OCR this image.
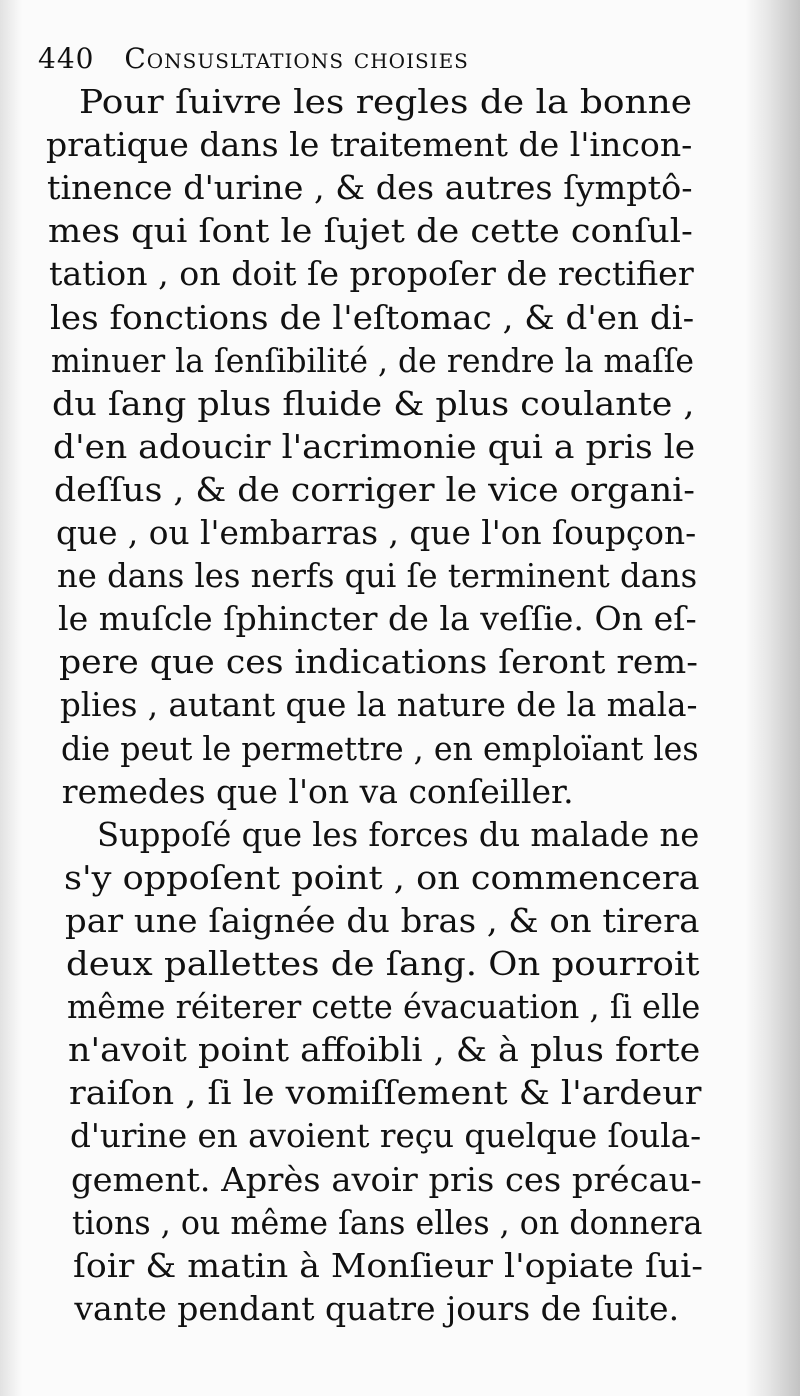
440 Consusltations choisies
Pour ſuivre les regles de la bonne
pratique dans le traitement de l'incon-
tinence d'urine , & des autres ſymptô-
mes qui ſont le ſujet de cette conſul-
tation , on doit ſe propoſer de rectifier
les fonctions de l'eſtomac , & d'en di-
minuer la ſenſibilité , de rendre la maſſe
du ſang plus fluide & plus coulante ,
d'en adoucir l'acrimonie qui a pris le
deſſus , & de corriger le vice organi-
que , ou l'embarras , que l'on ſoupçon-
ne dans les nerfs qui ſe terminent dans
le muſcle ſphincter de la veſſie. On eſ-
pere que ces indications ſeront rem-
plies , autant que la nature de la mala-
die peut le permettre , en emploïant les
remedes que l'on va conſeiller.
Suppoſé que les forces du malade ne
s'y oppoſent point , on commencera
par une ſaignée du bras , & on tirera
deux pallettes de ſang. On pourroit
même réiterer cette évacuation , ſi elle
n'avoit point affoibli , & à plus forte
raiſon , ſi le vomiſſement & l'ardeur
d'urine en avoient reçu quelque ſoula-
gement. Après avoir pris ces précau-
tions , ou même ſans elles , on donnera
ſoir & matin à Monſieur l'opiate ſui-
vante pendant quatre jours de ſuite.
